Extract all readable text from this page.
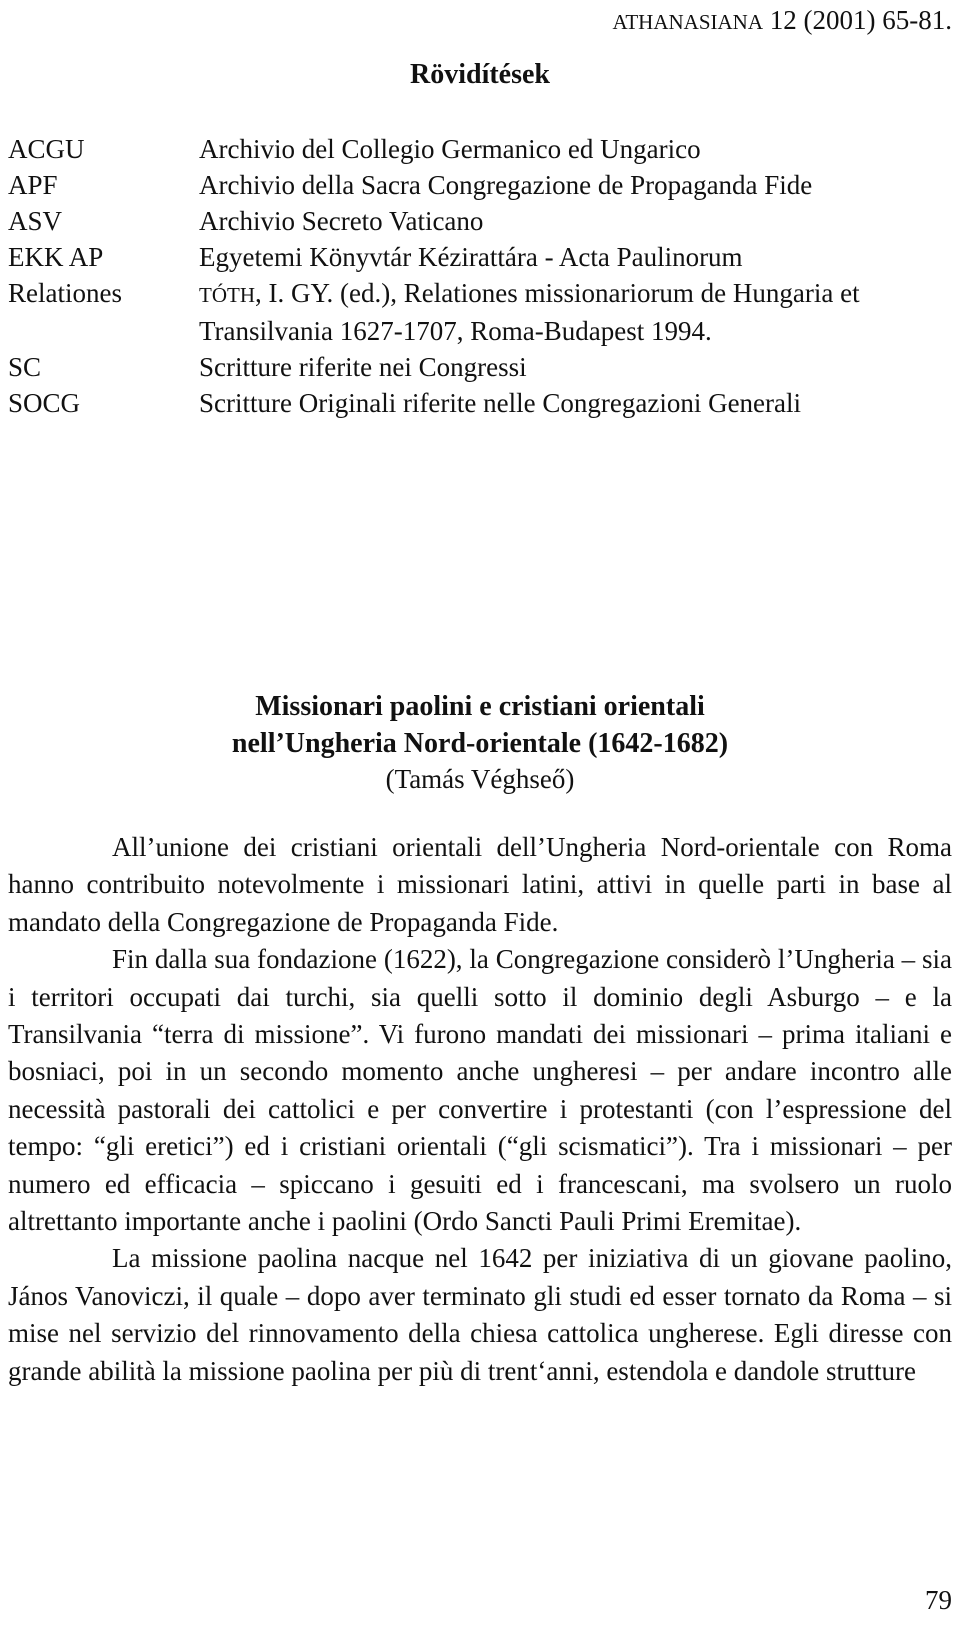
ATHANASIANA 12 (2001) 65-81.
Rövidítések
ACGU	Archivio del Collegio Germanico ed Ungarico
APF	Archivio della Sacra Congregazione de Propaganda Fide
ASV	Archivio Secreto Vaticano
EKK AP	Egyetemi Könyvtár Kézirattára - Acta Paulinorum
Relationes	TÓTH, I. GY. (ed.), Relationes missionariorum de Hungaria et Transilvania 1627-1707, Roma-Budapest 1994.
SC	Scritture riferite nei Congressi
SOCG	Scritture Originali riferite nelle Congregazioni Generali
Missionari paolini e cristiani orientali
nell’Ungheria Nord-orientale (1642-1682)
(Tamás Véghseő)

All’unione dei cristiani orientali dell’Ungheria Nord-orientale con Roma hanno contribuito notevolmente i missionari latini, attivi in quelle parti in base al mandato della Congregazione de Propaganda Fide.

Fin dalla sua fondazione (1622), la Congregazione considerò l’Ungheria – sia i territori occupati dai turchi, sia quelli sotto il dominio degli Asburgo – e la Transilvania “terra di missione”. Vi furono mandati dei missionari – prima italiani e bosniaci, poi in un secondo momento anche ungheresi – per andare incontro alle necessità pastorali dei cattolici e per convertire i protestanti (con l’espressione del tempo: “gli eretici”) ed i cristiani orientali (“gli scismatici”). Tra i missionari – per numero ed efficacia – spiccano i gesuiti ed i francescani, ma svolsero un ruolo altrettanto importante anche i paolini (Ordo Sancti Pauli Primi Eremitae).

La missione paolina nacque nel 1642 per iniziativa di un giovane paolino, János Vanoviczi, il quale – dopo aver terminato gli studi ed esser tornato da Roma – si mise nel servizio del rinnovamento della chiesa cattolica ungherese. Egli diresse con grande abilità la missione paolina per più di trent‘anni, estendola e dandole strutture

79
